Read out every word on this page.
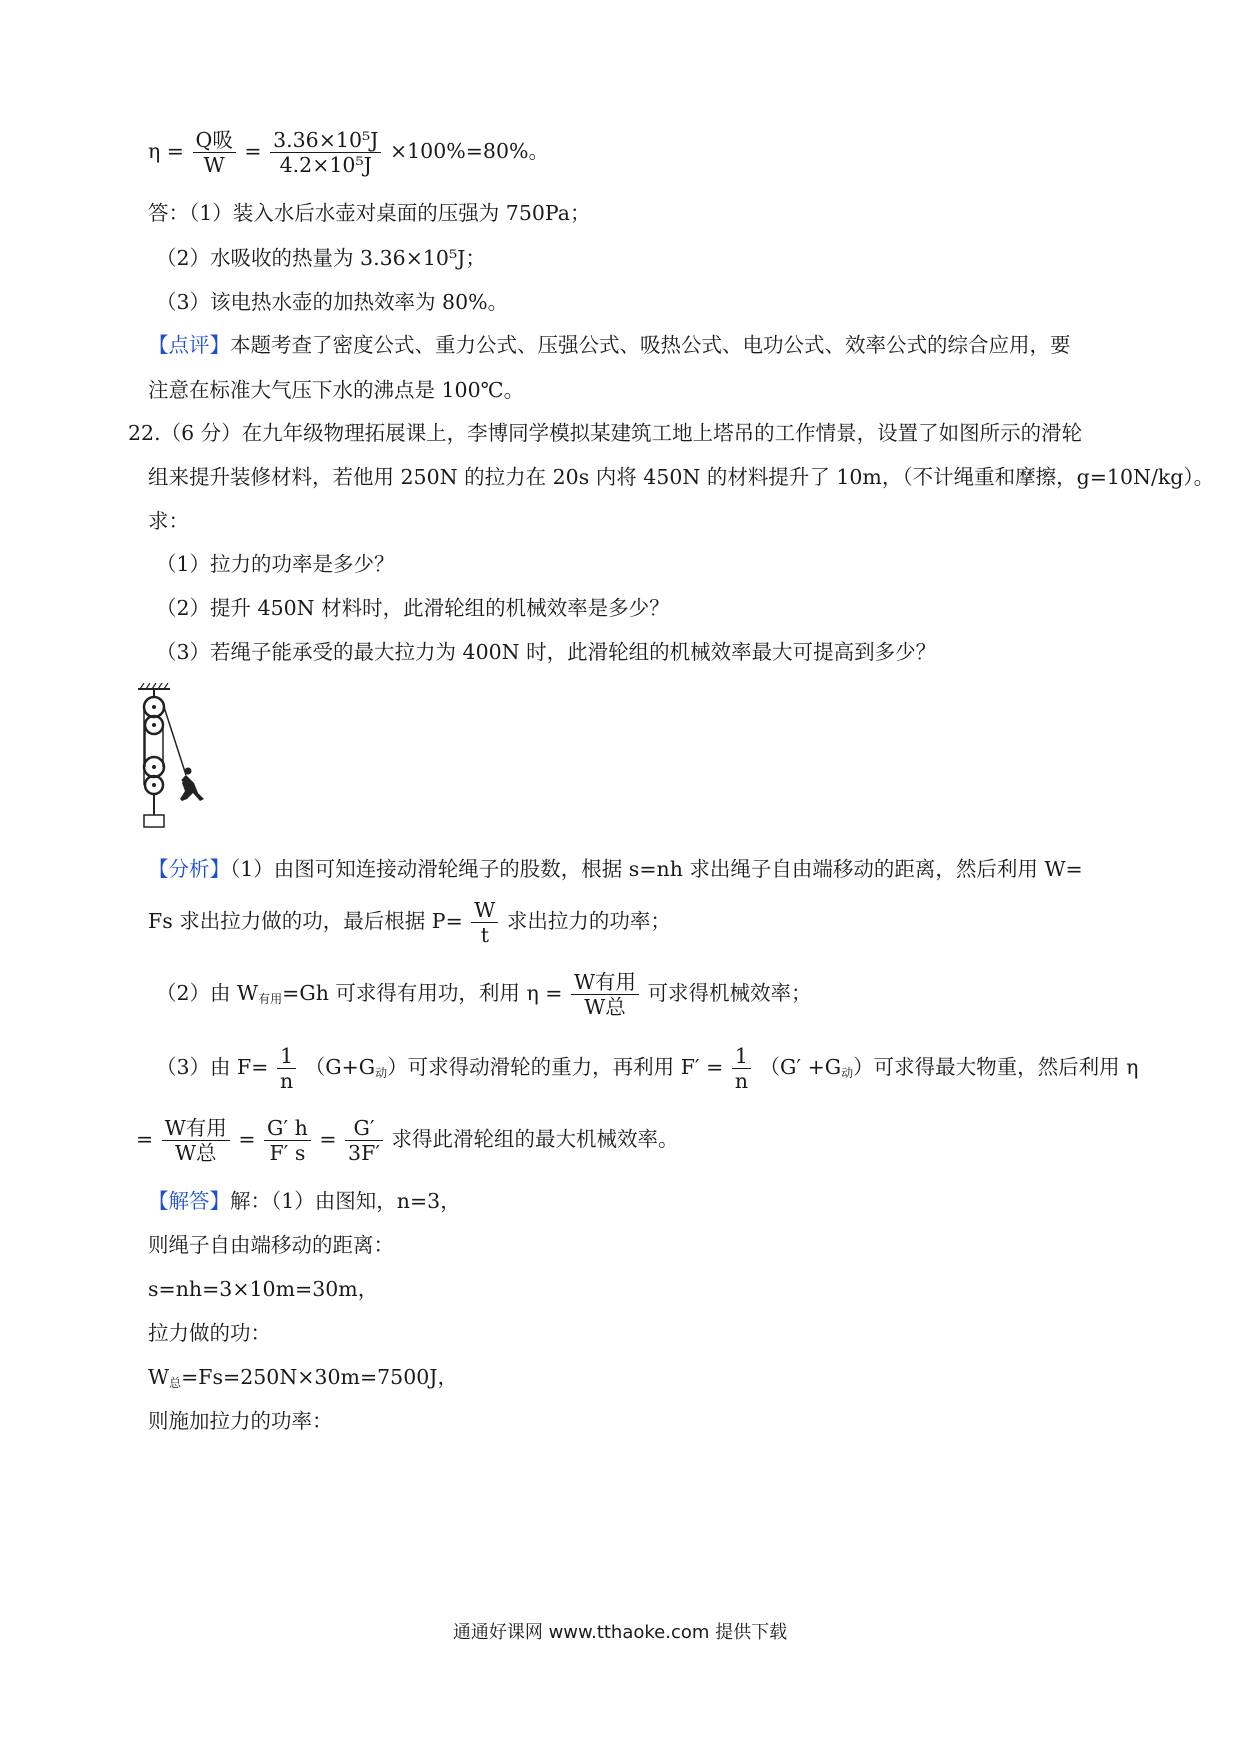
$\eta = \frac{\text{Q吸}}{W} = \frac{\text{3.36×10⁵J}}{\text{4.2×10⁵J}} \times 100\%=80\%$。
答：（1）装入水后水壶对桌面的压强为 750Pa；
（2）水吸收的热量为 3.36×10⁵J；
（3）该电热水壶的加热效率为 80%。
【点评】本题考查了密度公式、重力公式、压强公式、吸热公式、电功公式、效率公式的综合应用，要
注意在标准大气压下水的沸点是 100℃。
22.（6 分）在九年级物理拓展课上，李博同学模拟某建筑工地上塔吊的工作情景，设置了如图所示的滑轮
组来提升装修材料，若他用 250N 的拉力在 20s 内将 450N 的材料提升了 10m，（不计绳重和摩擦，g=10N/kg）。
求：
（1）拉力的功率是多少？
（2）提升 450N 材料时，此滑轮组的机械效率是多少？
（3）若绳子能承受的最大拉力为 400N 时，此滑轮组的机械效率最大可提高到多少？
【分析】（1）由图可知连接动滑轮绳子的股数，根据 s=nh 求出绳子自由端移动的距离，然后利用 W=
Fs 求出拉力做的功，最后根据 $P= \frac{W}{t}$ 求出拉力的功率；
（2）由 $W_{有用}=Gh$ 可求得有用功，利用 $\eta = \frac{\text{W有用}}{\text{W总}}$ 可求得机械效率；
（3）由 $F= \frac{1}{n} (G+G_动)$可求得动滑轮的重力，再利用 $F' = \frac{1}{n} (G' +G_动)$可求得最大物重，然后利用 η
= $\frac{\text{W有用}}{\text{W总}} = \frac{G' h}{F' s} = \frac{G'}{3F'}$ 求得此滑轮组的最大机械效率。
【解答】解：（1）由图知，n=3，
则绳子自由端移动的距离：
s=nh=3×10m=30m，
拉力做的功：
$W_总=Fs=250N\times 30m=7500J$，
则施加拉力的功率：
通通好课网 www.tthaoke.com 提供下载
